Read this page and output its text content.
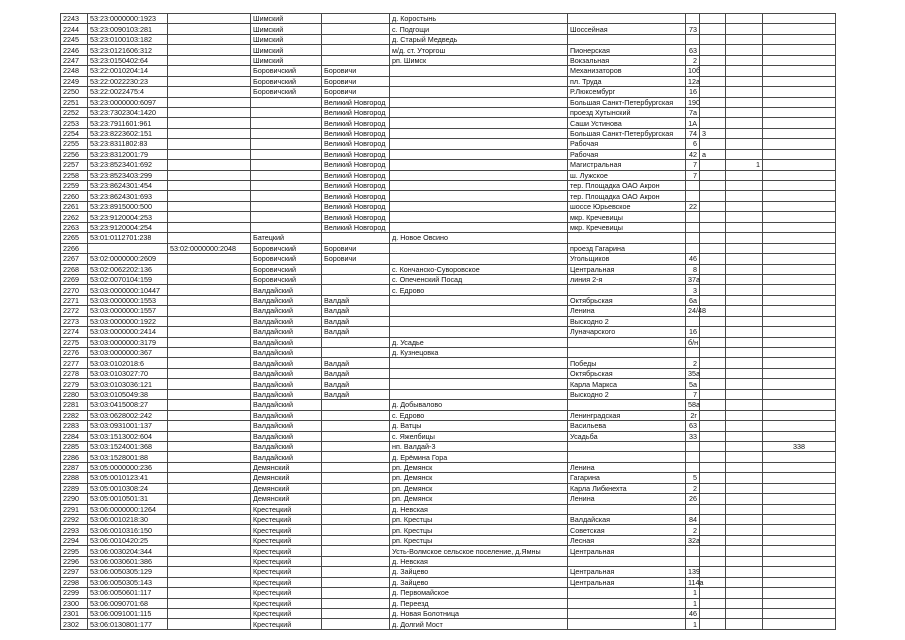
2243	53:23:0000000:1923		Шимский		д. Коростынь					
2244	53:23:0090103:281		Шимский		с. Подгощи	Шоссейная	73			
2245	53:23:0100103:182		Шимский		д. Старый Медведь					
2246	53:23:0121606:312		Шимский		м/д. ст. Уторгош	Пионерская	63			
2247	53:23:0150402:64		Шимский		рп. Шимск	Вокзальная	2			
2248	53:22:0010204:14		Боровичский	Боровичи		Механизаторов	10б			
2249	53:22:0022230:23		Боровичский	Боровичи		пл. Труда	12а			
2250	53:22:0022475:4		Боровичский	Боровичи		Р.Люксембург	16			
2251	53:23:0000000:6097			Великий Новгород		Большая Санкт-Петербургская	190			
2252	53:23:7302304:1420			Великий Новгород		проезд Хутынский	7а			
2253	53:23:7911601:961			Великий Новгород		Саши Устинова	1А			
2254	53:23:8223602:151			Великий Новгород		Большая Санкт-Петербургская	74	3		
2255	53:23:8311802:83			Великий Новгород		Рабочая	6			
2256	53:23:8312001:79			Великий Новгород		Рабочая	42	а		
2257	53:23:8523401:692			Великий Новгород		Магистральная	7		1	
2258	53:23:8523403:299			Великий Новгород		ш. Лужское	7			
2259	53:23:8624301:454			Великий Новгород		тер. Площадка ОАО Акрон				
2260	53:23:8624301:693			Великий Новгород		тер. Площадка ОАО Акрон				
2261	53:23:8915000:500			Великий Новгород		шоссе Юрьевское	22			
2262	53:23:9120004:253			Великий Новгород		мкр. Кречевицы				
2263	53:23:9120004:254			Великий Новгород		мкр. Кречевицы				
2265	53:01:0112701:238		Батецкий		д. Новое Овсино					
2266		53:02:0000000:2048	Боровичский	Боровичи		проезд Гагарина				
2267	53:02:0000000:2609		Боровичский	Боровичи		Угольщиков	46			
2268	53:02:0062202:136		Боровичский		с. Кончанско-Суворовское	Центральная	8			
2269	53:02:0070104:159		Боровичский		с. Опеченский Посад	линия 2-я	37а			
2270	53:03:0000000:10447		Валдайский		с. Едрово		3			
2271	53:03:0000000:1553		Валдайский	Валдай		Октябрьская	6а			
2272	53:03:0000000:1557		Валдайский	Валдай		Ленина	24/48			
2273	53:03:0000000:1922		Валдайский	Валдай		Выскодно 2				
2274	53:03:0000000:2414		Валдайский	Валдай		Луначарского	16			
2275	53:03:0000000:3179		Валдайский		д. Усадье		б/н			
2276	53:03:0000000:367		Валдайский		д. Кузнецовка					
2277	53:03:0102018:6		Валдайский	Валдай		Победы	2			
2278	53:03:0103027:70		Валдайский	Валдай		Октябрьская	35а			
2279	53:03:0103036:121		Валдайский	Валдай		Карла Маркса	5а			
2280	53:03:0105049:38		Валдайский	Валдай		Выскодно 2	7			
2281	53:03:0415008:27		Валдайский		д. Добывалово		58а			
2282	53:03:0628002:242		Валдайский		с. Едрово	Ленинградская	2г			
2283	53:03:0931001:137		Валдайский		д. Ватцы	Васильева	63			
2284	53:03:1513002:604		Валдайский		с. Яжелбицы	Усадьба	33			
2285	53:03:1524001:368		Валдайский		нп. Валдай-3					338
2286	53:03:1528001:88		Валдайский		д. Ерёмина Гора					
2287	53:05:0000000:236		Демянский		рп. Демянск	Ленина				
2288	53:05:0010123:41		Демянский		рп. Демянск	Гагарина	5			
2289	53:05:0010308:24		Демянский		рп. Демянск	Карла Либкнехта	2			
2290	53:05:0010501:31		Демянский		рп. Демянск	Ленина	26			
2291	53:06:0000000:1264		Крестецкий		д. Невская					
2292	53:06:0010218:30		Крестецкий		рп. Крестцы	Валдайская	84			
2293	53:06:0010316:150		Крестецкий		рп. Крестцы	Советская	2			
2294	53:06:0010420:25		Крестецкий		рп. Крестцы	Лесная	32а			
2295	53:06:0030204:344		Крестецкий		Усть-Волмское сельское поселение, д.Ямны	Центральная				
2296	53:06:0030601:386		Крестецкий		д. Невская					
2297	53:06:0050305:129		Крестецкий		д. Зайцево	Центральная	139			
2298	53:06:0050305:143		Крестецкий		д. Зайцево	Центральная	114а			
2299	53:06:0050601:117		Крестецкий		д. Первомайское		1			
2300	53:06:0090701:68		Крестецкий		д. Переезд		1			
2301	53:06:0091001:115		Крестецкий		д. Новая Болотница		46			
2302	53:06:0130801:177		Крестецкий		д. Долгий Мост		1			
